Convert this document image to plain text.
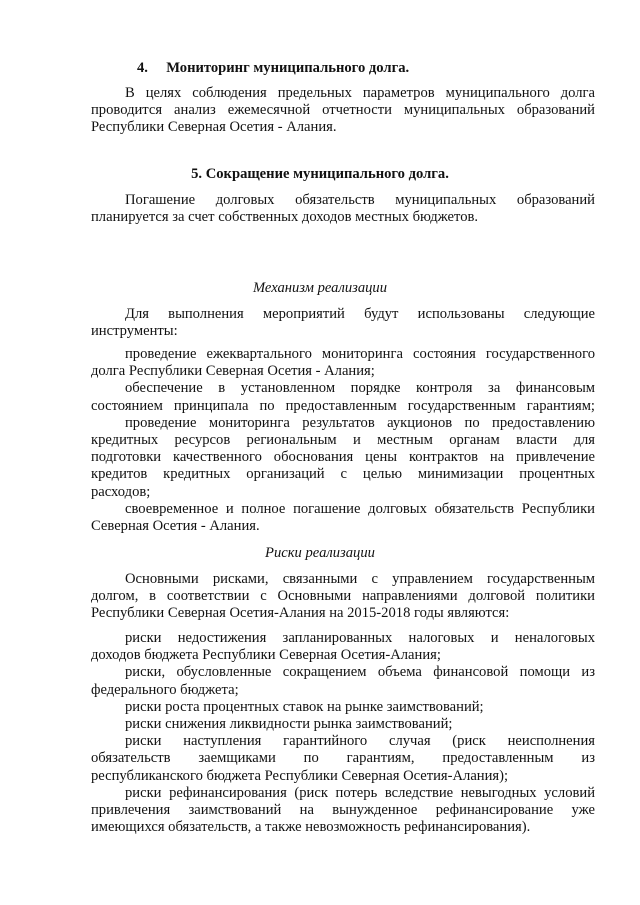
4.     Мониторинг муниципального долга.
В целях соблюдения предельных параметров муниципального долга
проводится анализ ежемесячной отчетности муниципальных образований
Республики Северная Осетия - Алания.
5. Сокращение муниципального долга.
Погашение долговых обязательств муниципальных образований
планируется за счет собственных доходов местных бюджетов.
Механизм реализации
Для выполнения мероприятий будут использованы следующие
инструменты:
проведение ежеквартального мониторинга состояния государственного
долга Республики Северная Осетия - Алания;
обеспечение в установленном порядке контроля за финансовым
состоянием принципала по предоставленным государственным гарантиям;
проведение мониторинга результатов аукционов по предоставлению
кредитных ресурсов региональным и местным органам власти для
подготовки качественного обоснования цены контрактов на привлечение
кредитов кредитных организаций с целью минимизации процентных
расходов;
своевременное и полное погашение долговых обязательств Республики
Северная Осетия - Алания.
Риски реализации
Основными рисками, связанными с управлением государственным
долгом, в соответствии с Основными направлениями долговой политики
Республики Северная Осетия-Алания на 2015-2018 годы являются:
риски недостижения запланированных налоговых и неналоговых
доходов бюджета Республики Северная Осетия-Алания;
риски, обусловленные сокращением объема финансовой помощи из
федерального бюджета;
риски роста процентных ставок на рынке заимствований;
риски снижения ликвидности рынка заимствований;
риски наступления гарантийного случая (риск неисполнения
обязательств заемщиками по гарантиям, предоставленным из
республиканского бюджета Республики Северная Осетия-Алания);
риски рефинансирования (риск потерь вследствие невыгодных условий
привлечения заимствований на вынужденное рефинансирование уже
имеющихся обязательств, а также невозможность рефинансирования).
